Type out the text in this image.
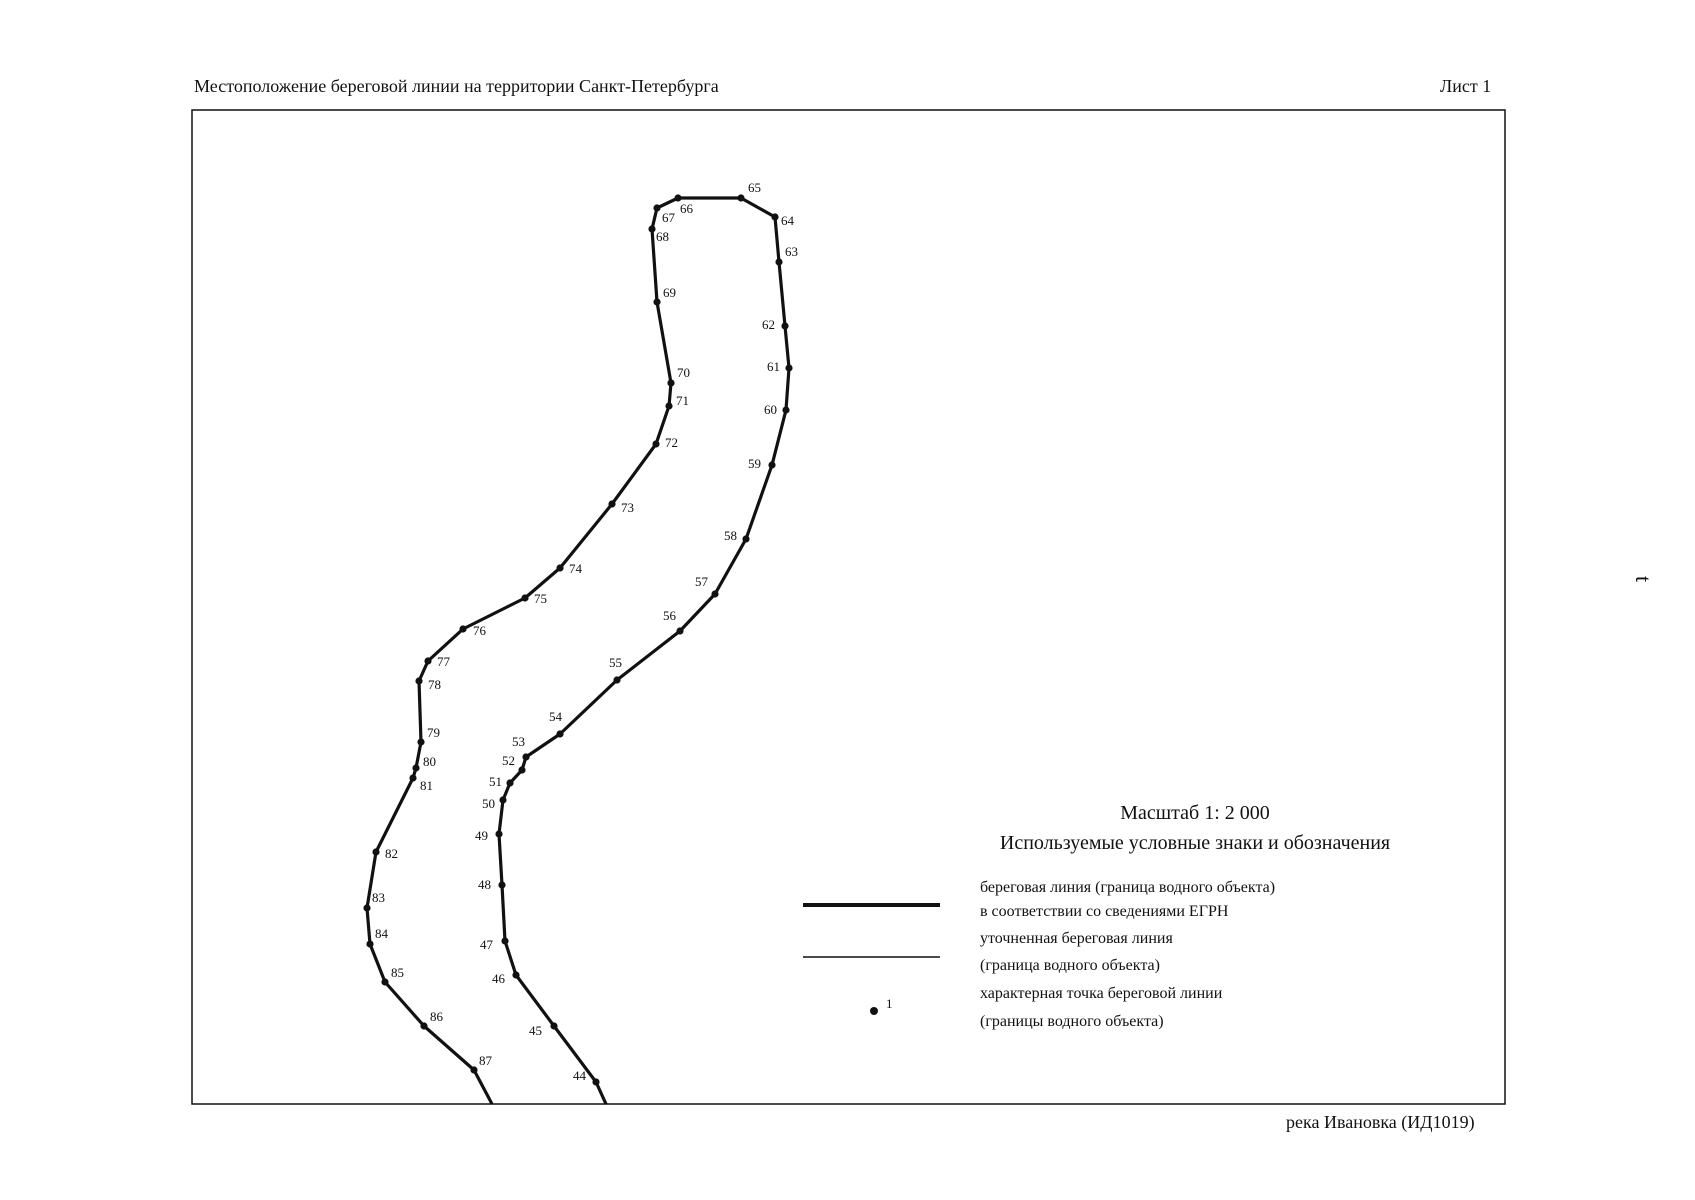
Местоположение береговой линии на территории Санкт-Петербурга	Лист 1
t
44
45
46
47
48
49
50
51
52
53
54
55
56
57
58
59
60
61
62
63
64
65
66
67
68
69
70
71
72
73
74
75
76
77
78
79
80
81
82
83
84
85
86
87
1
Масштаб 1: 2 000
Используемые условные знаки и обозначения
береговая линия (граница водного объекта)
в соответствии со сведениями ЕГРН
уточненная береговая линия
(граница водного объекта)
характерная точка береговой линии
(границы водного объекта)
река Ивановка (ИД1019)
